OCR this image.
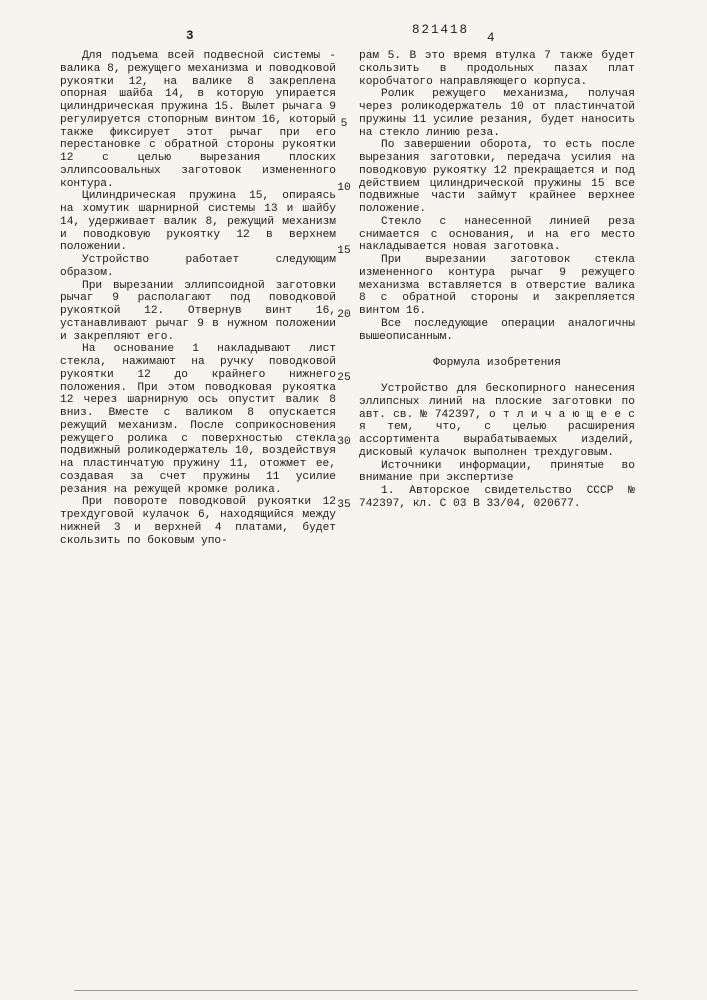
3	821418
4
5
10
15
20
25
30
35

Для подъема всей подвесной системы - валика 8, режущего механизма и поводковой рукоятки 12, на валике 8 закреплена опорная шайба 14, в которую упирается цилиндрическая пружина 15. Вылет рычага 9 регулируется стопорным винтом 16, который также фиксирует этот рычаг при его перестановке с обратной стороны рукоятки 12 с целью вырезания плоских эллипсоовальных заготовок измененного контура.

Цилиндрическая пружина 15, опираясь на хомутик шарнирной системы 13 и шайбу 14, удерживает валик 8, режущий механизм и поводковую рукоятку 12 в верхнем положении.

Устройство работает следующим образом.

При вырезании эллипсоидной заготовки рычаг 9 располагают под поводковой рукояткой 12. Отвернув винт 16, устанавливают рычаг 9 в нужном положении и закрепляют его.

На основание 1 накладывают лист стекла, нажимают на ручку поводковой рукоятки 12 до крайнего нижнего положения. При этом поводковая рукоятка 12 через шарнирную ось опустит валик 8 вниз. Вместе с валиком 8 опускается режущий механизм. После соприкосновения режущего ролика с поверхностью стекла подвижный роликодержатель 10, воздействуя на пластинчатую пружину 11, отожмет ее, создавая за счет пружины 11 усилие резания на режущей кромке ролика.

При повороте поводковой рукоятки 12 трехдуговой кулачок 6, находящийся между нижней 3 и верхней 4 платами, будет скользить по боковым упо-

рам 5. В это время втулка 7 также будет скользить в продольных пазах плат коробчатого направляющего корпуса.

Ролик режущего механизма, получая через роликодержатель 10 от пластинчатой пружины 11 усилие резания, будет наносить на стекло линию реза.

По завершении оборота, то есть после вырезания заготовки, передача усилия на поводковую рукоятку 12 прекращается и под действием цилиндрической пружины 15 все подвижные части займут крайнее верхнее положение.

Стекло с нанесенной линией реза снимается с основания, и на его место накладывается новая заготовка.

При вырезании заготовок стекла измененного контура рычаг 9 режущего механизма вставляется в отверстие валика 8 с обратной стороны и закрепляется винтом 16.

Все последующие операции аналогичны вышеописанным.

Формула изобретения

Устройство для бескопирного нанесения эллипсных линий на плоские заготовки по авт. св. № 742397, о т л и ч а ю щ е е с я тем, что, с целью расширения ассортимента вырабатываемых изделий, дисковый кулачок выполнен трехдуговым.

Источники информации, принятые во внимание при экспертизе

1. Авторское свидетельство СССР № 742397, кл. С 03 В 33/04, 020677.
